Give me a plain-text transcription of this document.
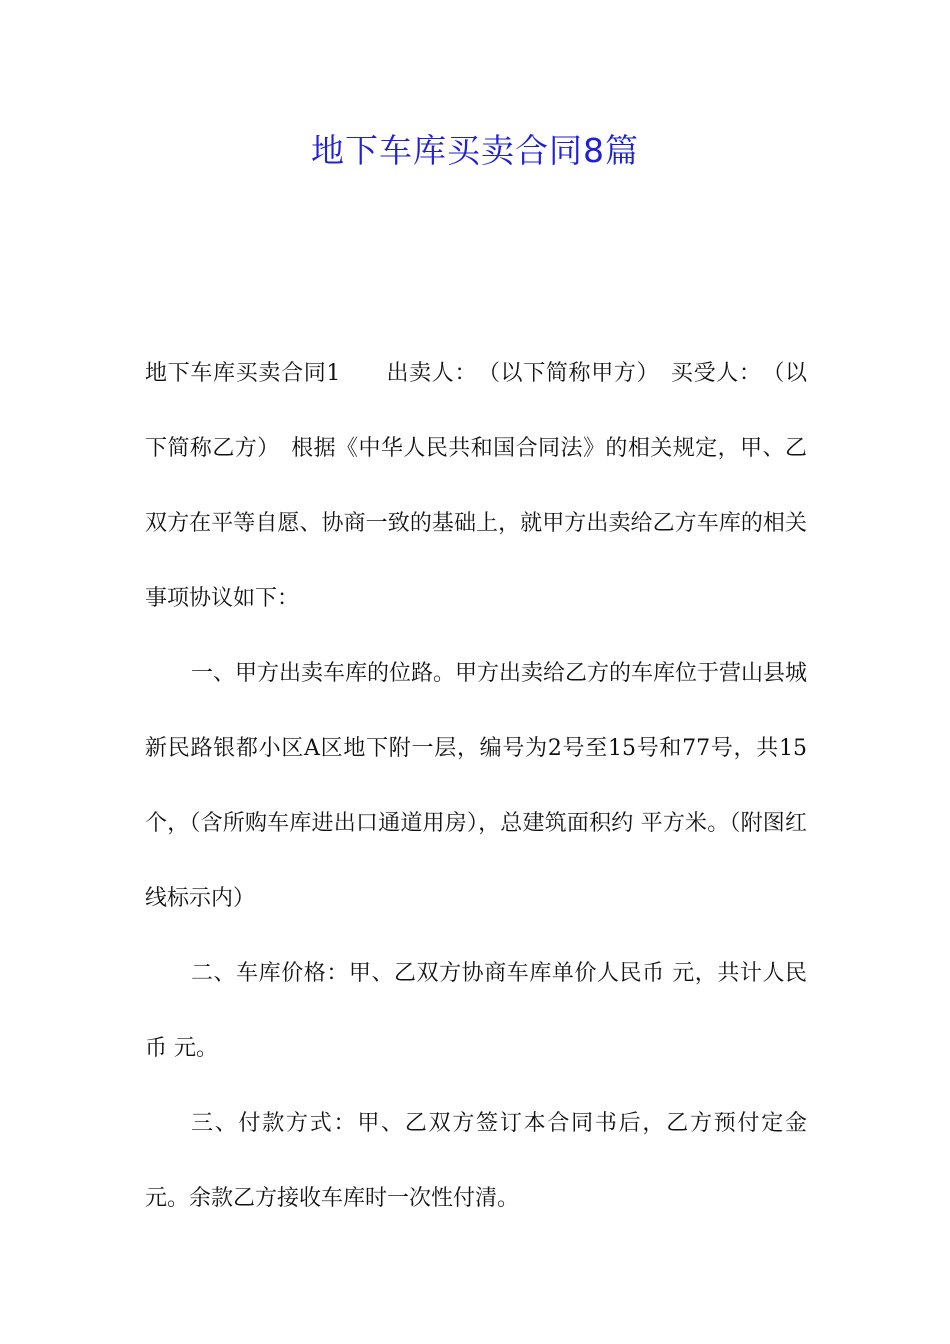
地下车库买卖合同8篇

地下车库买卖合同1　　出卖人：　（以下简称甲方）　买受人：　（以下简称乙方）　根据《中华人民共和国合同法》的相关规定，甲、乙双方在平等自愿、协商一致的基础上，就甲方出卖给乙方车库的相关事项协议如下：

一、甲方出卖车库的位路。甲方出卖给乙方的车库位于营山县城新民路银都小区A区地下附一层，编号为2号至15号和77号，共15个，（含所购车库进出口通道用房），总建筑面积约 平方米。（附图红线标示内）

二、车库价格：甲、乙双方协商车库单价人民币 元，共计人民币 元。

三、付款方式：甲、乙双方签订本合同书后，乙方预付定金 元。余款乙方接收车库时一次性付清。
